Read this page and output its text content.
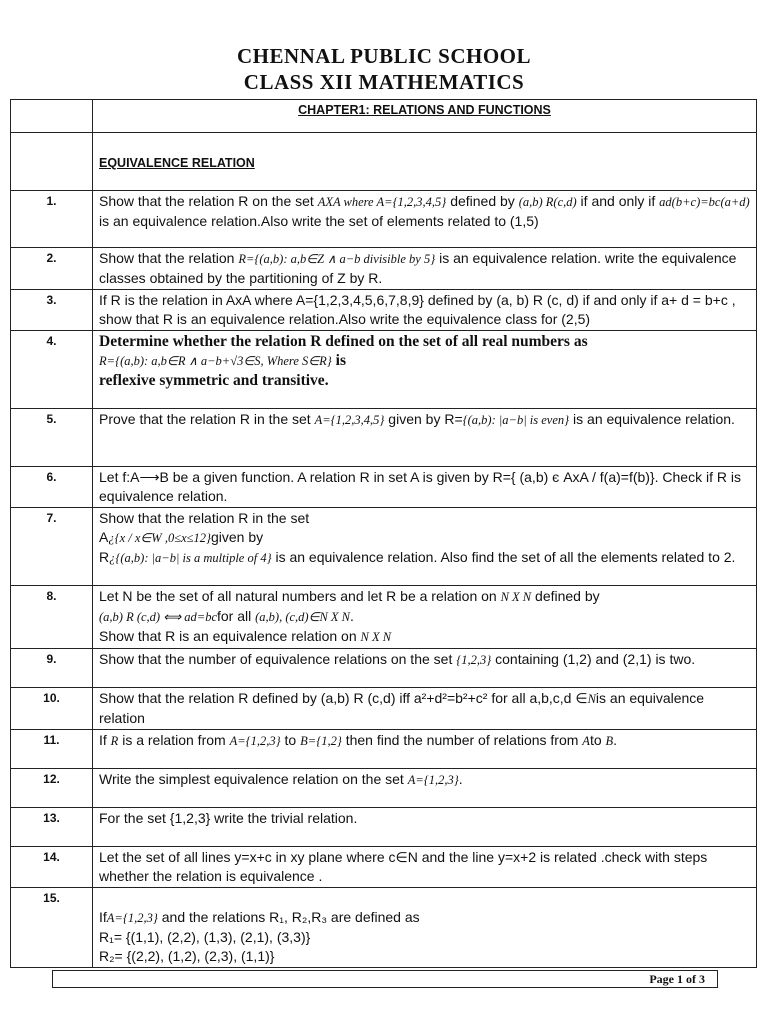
CHENNAL PUBLIC SCHOOL
CLASS XII MATHEMATICS

	CHAPTER1: RELATIONS AND FUNCTIONS

	EQUIVALENCE RELATION

1.	Show that the relation R on the set AXA where A={1,2,3,4,5} defined by (a,b) R(c,d) if and only if ad(b+c)=bc(a+d) is an equivalence relation.Also write the set of elements related to (1,5)
2.	Show that the relation R={(a,b): a,b∈Z ∧ a−b divisible by 5} is an equivalence relation. write the equivalence classes obtained by the partitioning of Z by R.
3.	If R is the relation in AxA where A={1,2,3,4,5,6,7,8,9} defined by (a, b) R (c, d) if and only if a+ d = b+c , show that R is an equivalence relation.Also write the equivalence class for (2,5)
4.	Determine whether the relation R defined on the set of all real numbers as
R={(a,b): a,b∈R ∧ a−b+√3∈S, Where S∈R} is
reflexive symmetric and transitive.

5.	Prove that the relation R in the set A={1,2,3,4,5} given by R={(a,b): |a−b| is even} is an equivalence relation.
6.	Let f:A⟶B be a given function. A relation R in set A is given by R={ (a,b) є AxA / f(a)=f(b)}. Check if R is equivalence relation.
7.	Show that the relation R in the set
A¿{x / x∈W ,0≤x≤12}given by
R¿{(a,b): |a−b| is a multiple of 4} is an equivalence relation. Also find the set of all the elements related to 2.

8.	Let N be the set of all natural numbers and let R be a relation on N X N defined by
(a,b) R (c,d) ⟺ ad=bcfor all (a,b), (c,d)∈N X N.
Show that R is an equivalence relation on N X N

9.	Show that the number of equivalence relations on the set {1,2,3} containing (1,2) and (2,1) is two.
10.	Show that the relation R defined by (a,b) R (c,d) iff a²+d²=b²+c² for all a,b,c,d ∈Nis an equivalence relation
11.	If R is a relation from A={1,2,3} to B={1,2} then find the number of relations from Ato B.
12.	Write the simplest equivalence relation on the set A={1,2,3}.
13.	For the set {1,2,3} write the trivial relation.
14.	Let the set of all lines y=x+c in xy plane where c∈N and the line y=x+2 is related .check with steps whether the relation is equivalence .
15.	IfA={1,2,3} and the relations R₁, R₂,R₃ are defined as
R₁= {(1,1), (2,2), (1,3), (2,1), (3,3)}
R₂= {(2,2), (1,2), (2,3), (1,1)}
Page 1 of 3
